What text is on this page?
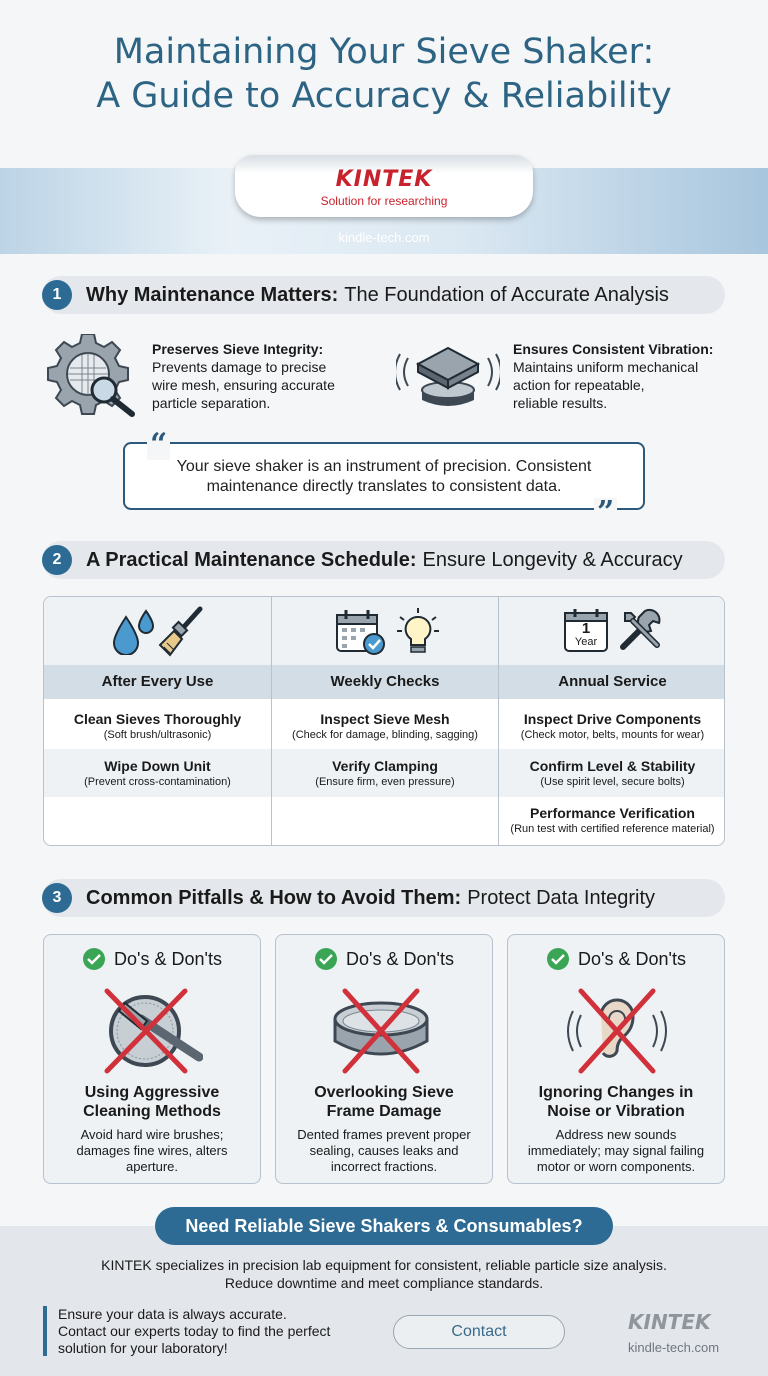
Maintaining Your Sieve Shaker:
A Guide to Accuracy & Reliability
KINTEK
Solution for researching
kindle-tech.com
1	Why Maintenance Matters: The Foundation of Accurate Analysis
Preserves Sieve Integrity:
Prevents damage to precise
wire mesh, ensuring accurate
particle separation.
Ensures Consistent Vibration:
Maintains uniform mechanical
action for repeatable,
reliable results.
Your sieve shaker is an instrument of precision. Consistent
maintenance directly translates to consistent data.
“
”
2	A Practical Maintenance Schedule: Ensure Longevity & Accuracy
After Every Use
Clean Sieves Thoroughly
(Soft brush/ultrasonic)
Wipe Down Unit
(Prevent cross-contamination)
Weekly Checks
Inspect Sieve Mesh
(Check for damage, blinding, sagging)
Verify Clamping
(Ensure firm, even pressure)
1
Year
Annual Service
Inspect Drive Components
(Check motor, belts, mounts for wear)
Confirm Level & Stability
(Use spirit level, secure bolts)
Performance Verification
(Run test with certified reference material)
3	Common Pitfalls & How to Avoid Them: Protect Data Integrity
Do's & Don'ts
Using Aggressive
Cleaning Methods
Avoid hard wire brushes;
damages fine wires, alters
aperture.
Do's & Don'ts
Overlooking Sieve
Frame Damage
Dented frames prevent proper
sealing, causes leaks and
incorrect fractions.
Do's & Don'ts
Ignoring Changes in
Noise or Vibration
Address new sounds
immediately; may signal failing
motor or worn components.
Need Reliable Sieve Shakers & Consumables?
KINTEK specializes in precision lab equipment for consistent, reliable particle size analysis.
Reduce downtime and meet compliance standards.
Ensure your data is always accurate.
Contact our experts today to find the perfect
solution for your laboratory!
Contact	KINTEK
kindle-tech.com
